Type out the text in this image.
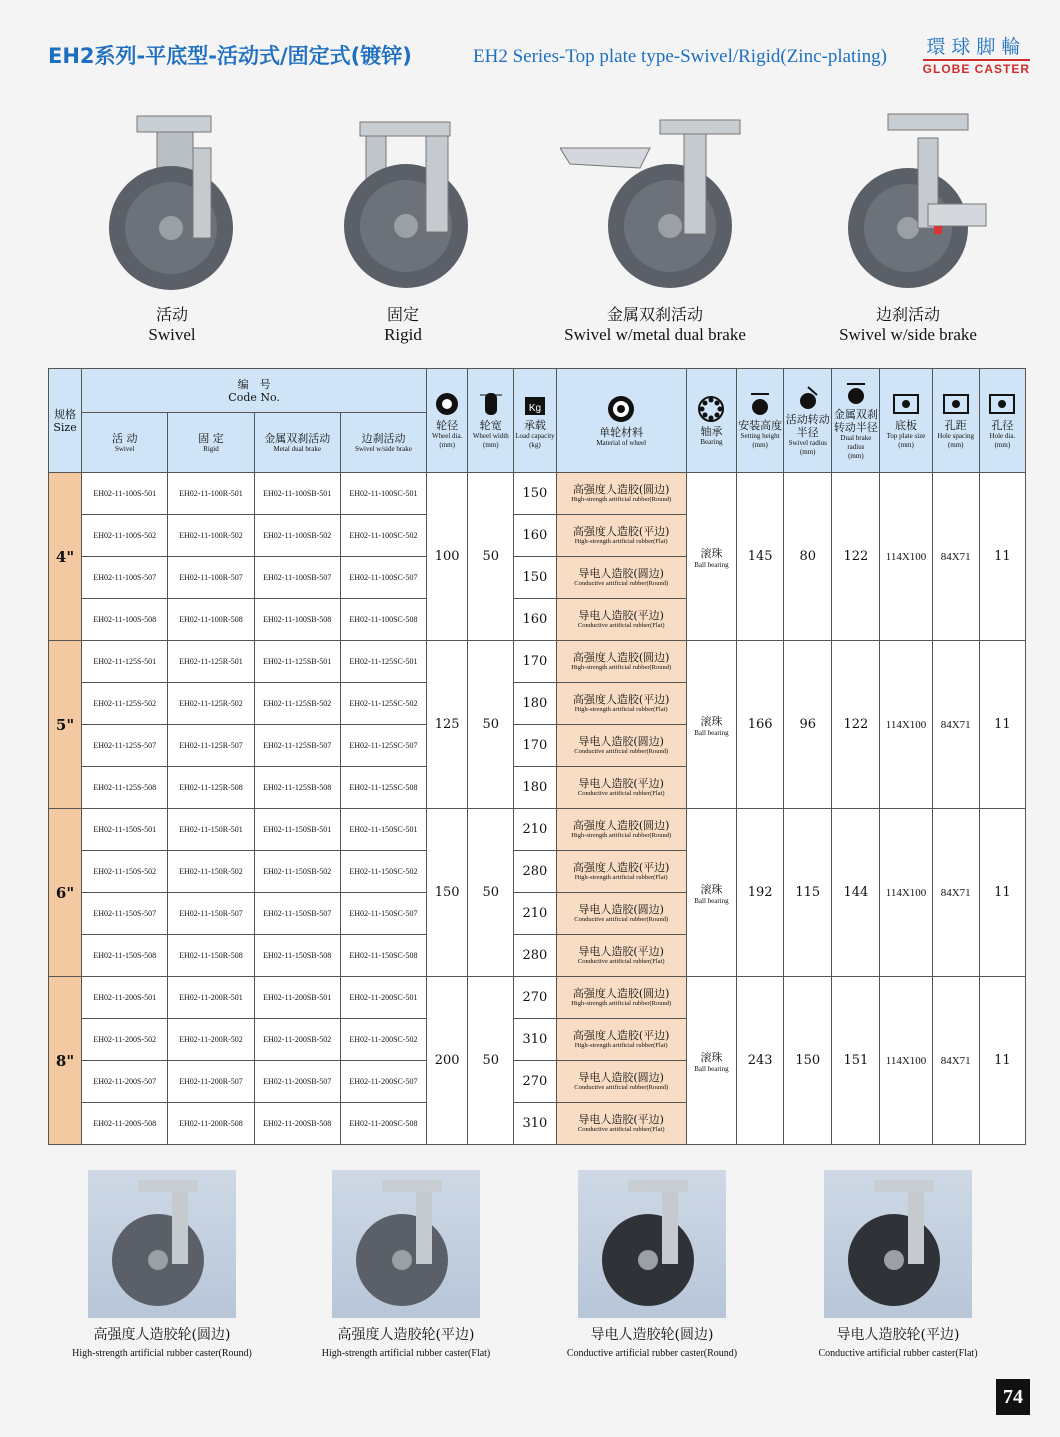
EH2系列-平底型-活动式/固定式(镀锌)	EH2 Series-Top plate type-Swivel/Rigid(Zinc-plating) 環球脚輪
GLOBE CASTER
活动
Swivel
固定
Rigid
金属双刹活动
Swivel w/metal dual brake
边刹活动
Swivel w/side brake
规格
Size	编　号
Code No.				轮径
Wheel dia.
(mm)	轮宽
Wheel width
(mm)	Kg
承载
Load capacity
(kg)	单轮材料
Material of wheel	轴承
Bearing	安装高度
Setting height
(mm)	活动转动半径
Swivel radius
(mm)	金属双刹转动半径
Dual brake radius
(mm)	底板
Top plate size
(mm)	孔距
Hole spacing
(mm)	孔径
Hole dia.
(mm)

	活 动
Swivel	固 定
Rigid	金属双刹活动
Metal dual brake	边刹活动
Swivel w/side brake											

4"	EH02-11-100S-501	EH02-11-100R-501	EH02-11-100SB-501	EH02-11-100SC-501	100	50	150	高强度人造胶(圆边)
High-strength artificial rubber(Round)	滚珠
Ball bearing	145	80	122	114X100	84X71	11
	EH02-11-100S-502	EH02-11-100R-502	EH02-11-100SB-502	EH02-11-100SC-502			160	高强度人造胶(平边)
High-strength artificial rubber(Flat)							

	EH02-11-100S-507	EH02-11-100R-507	EH02-11-100SB-507	EH02-11-100SC-507			150	导电人造胶(圆边)
Conductive artificial rubber(Round)							

	EH02-11-100S-508	EH02-11-100R-508	EH02-11-100SB-508	EH02-11-100SC-508			160	导电人造胶(平边)
Conductive artificial rubber(Flat)							

5"	EH02-11-125S-501	EH02-11-125R-501	EH02-11-125SB-501	EH02-11-125SC-501	125	50	170	高强度人造胶(圆边)
High-strength artificial rubber(Round)	滚珠
Ball bearing	166	96	122	114X100	84X71	11
	EH02-11-125S-502	EH02-11-125R-502	EH02-11-125SB-502	EH02-11-125SC-502			180	高强度人造胶(平边)
High-strength artificial rubber(Flat)							

	EH02-11-125S-507	EH02-11-125R-507	EH02-11-125SB-507	EH02-11-125SC-507			170	导电人造胶(圆边)
Conductive artificial rubber(Round)							

	EH02-11-125S-508	EH02-11-125R-508	EH02-11-125SB-508	EH02-11-125SC-508			180	导电人造胶(平边)
Conductive artificial rubber(Flat)							

6"	EH02-11-150S-501	EH02-11-150R-501	EH02-11-150SB-501	EH02-11-150SC-501	150	50	210	高强度人造胶(圆边)
High-strength artificial rubber(Round)	滚珠
Ball bearing	192	115	144	114X100	84X71	11
	EH02-11-150S-502	EH02-11-150R-502	EH02-11-150SB-502	EH02-11-150SC-502			280	高强度人造胶(平边)
High-strength artificial rubber(Flat)							

	EH02-11-150S-507	EH02-11-150R-507	EH02-11-150SB-507	EH02-11-150SC-507			210	导电人造胶(圆边)
Conductive artificial rubber(Round)							

	EH02-11-150S-508	EH02-11-150R-508	EH02-11-150SB-508	EH02-11-150SC-508			280	导电人造胶(平边)
Conductive artificial rubber(Flat)							

8"	EH02-11-200S-501	EH02-11-200R-501	EH02-11-200SB-501	EH02-11-200SC-501	200	50	270	高强度人造胶(圆边)
High-strength artificial rubber(Round)	滚珠
Ball bearing	243	150	151	114X100	84X71	11
	EH02-11-200S-502	EH02-11-200R-502	EH02-11-200SB-502	EH02-11-200SC-502			310	高强度人造胶(平边)
High-strength artificial rubber(Flat)							

	EH02-11-200S-507	EH02-11-200R-507	EH02-11-200SB-507	EH02-11-200SC-507			270	导电人造胶(圆边)
Conductive artificial rubber(Round)							

	EH02-11-200S-508	EH02-11-200R-508	EH02-11-200SB-508	EH02-11-200SC-508			310	导电人造胶(平边)
Conductive artificial rubber(Flat)							
高强度人造胶轮(圆边)
High-strength artificial rubber caster(Round)
高强度人造胶轮(平边)
High-strength artificial rubber caster(Flat)
导电人造胶轮(圆边)
Conductive artificial rubber caster(Round)
导电人造胶轮(平边)
Conductive artificial rubber caster(Flat)
74
